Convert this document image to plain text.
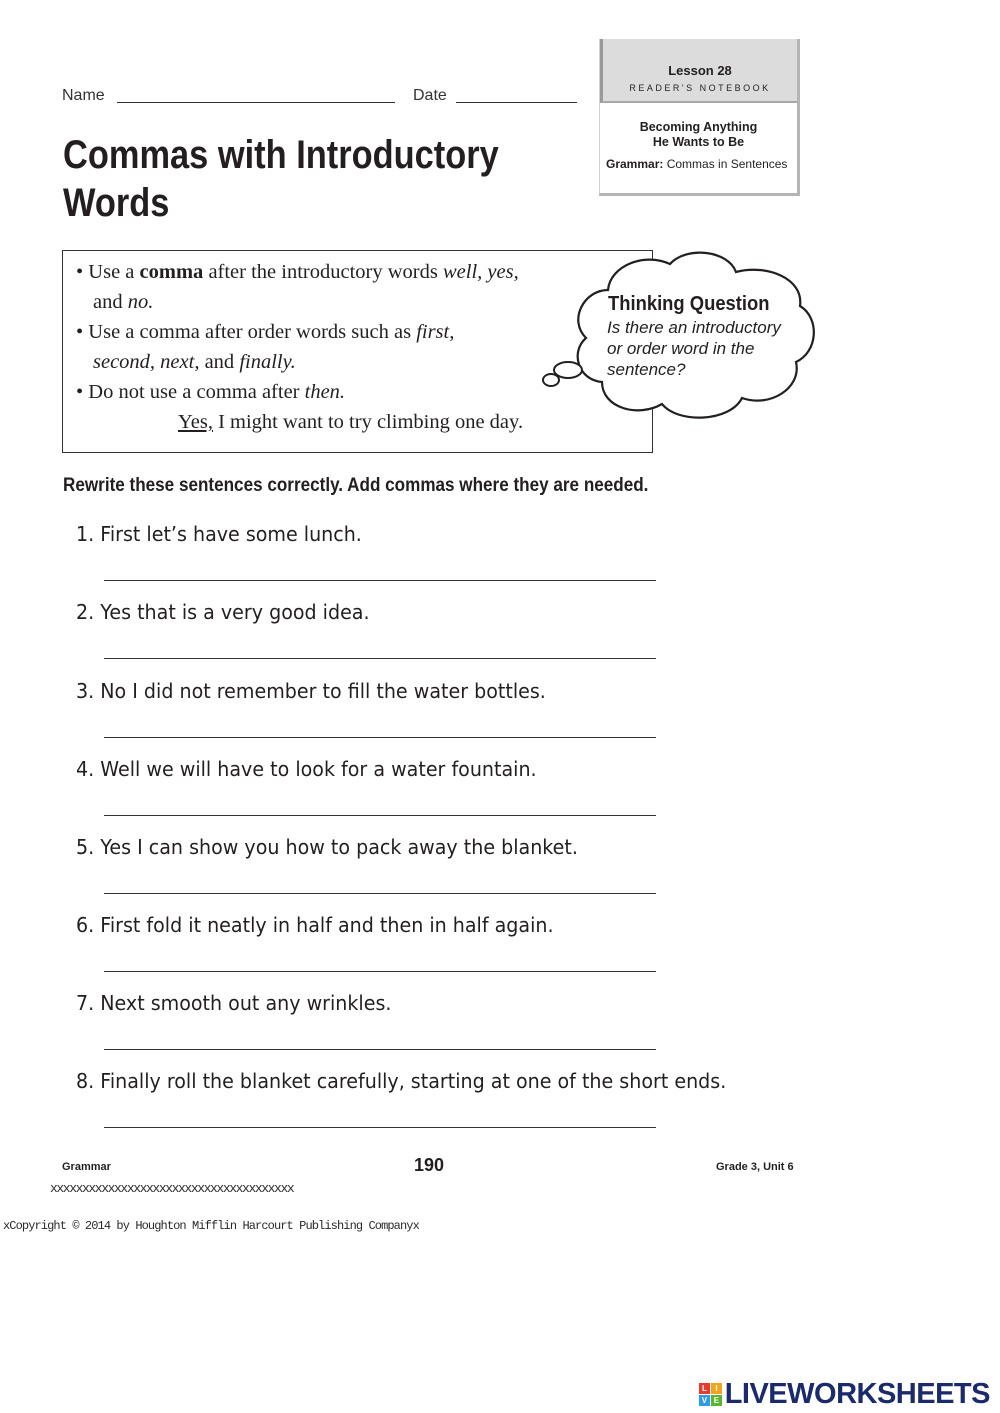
Name	Date
Commas with Introductory
Words
Lesson 28
READER'S NOTEBOOK
Becoming Anything
He Wants to Be
Grammar: Commas in Sentences
• Use a comma after the introductory words well, yes,
and no.
• Use a comma after order words such as first,
second, next, and finally.
• Do not use a comma after then.
Yes, I might want to try climbing one day.
Thinking Question
Is there an introductory
or order word in the
sentence?
Rewrite these sentences correctly. Add commas where they are needed.
1. First let’s have some lunch.
2. Yes that is a very good idea.
3. No I did not remember to fill the water bottles.
4. Well we will have to look for a water fountain.
5. Yes I can show you how to pack away the blanket.
6. First fold it neatly in half and then in half again.
7. Next smooth out any wrinkles.
8. Finally roll the blanket carefully, starting at one of the short ends.
Grammar	190	Grade 3, Unit 6
xxxxxxxxxxxxxxxxxxxxxxxxxxxxxxxxxxxxxx
xCopyright © 2014 by Houghton Mifflin Harcourt Publishing Companyx
L	I
V E LIVEWORKSHEETS
